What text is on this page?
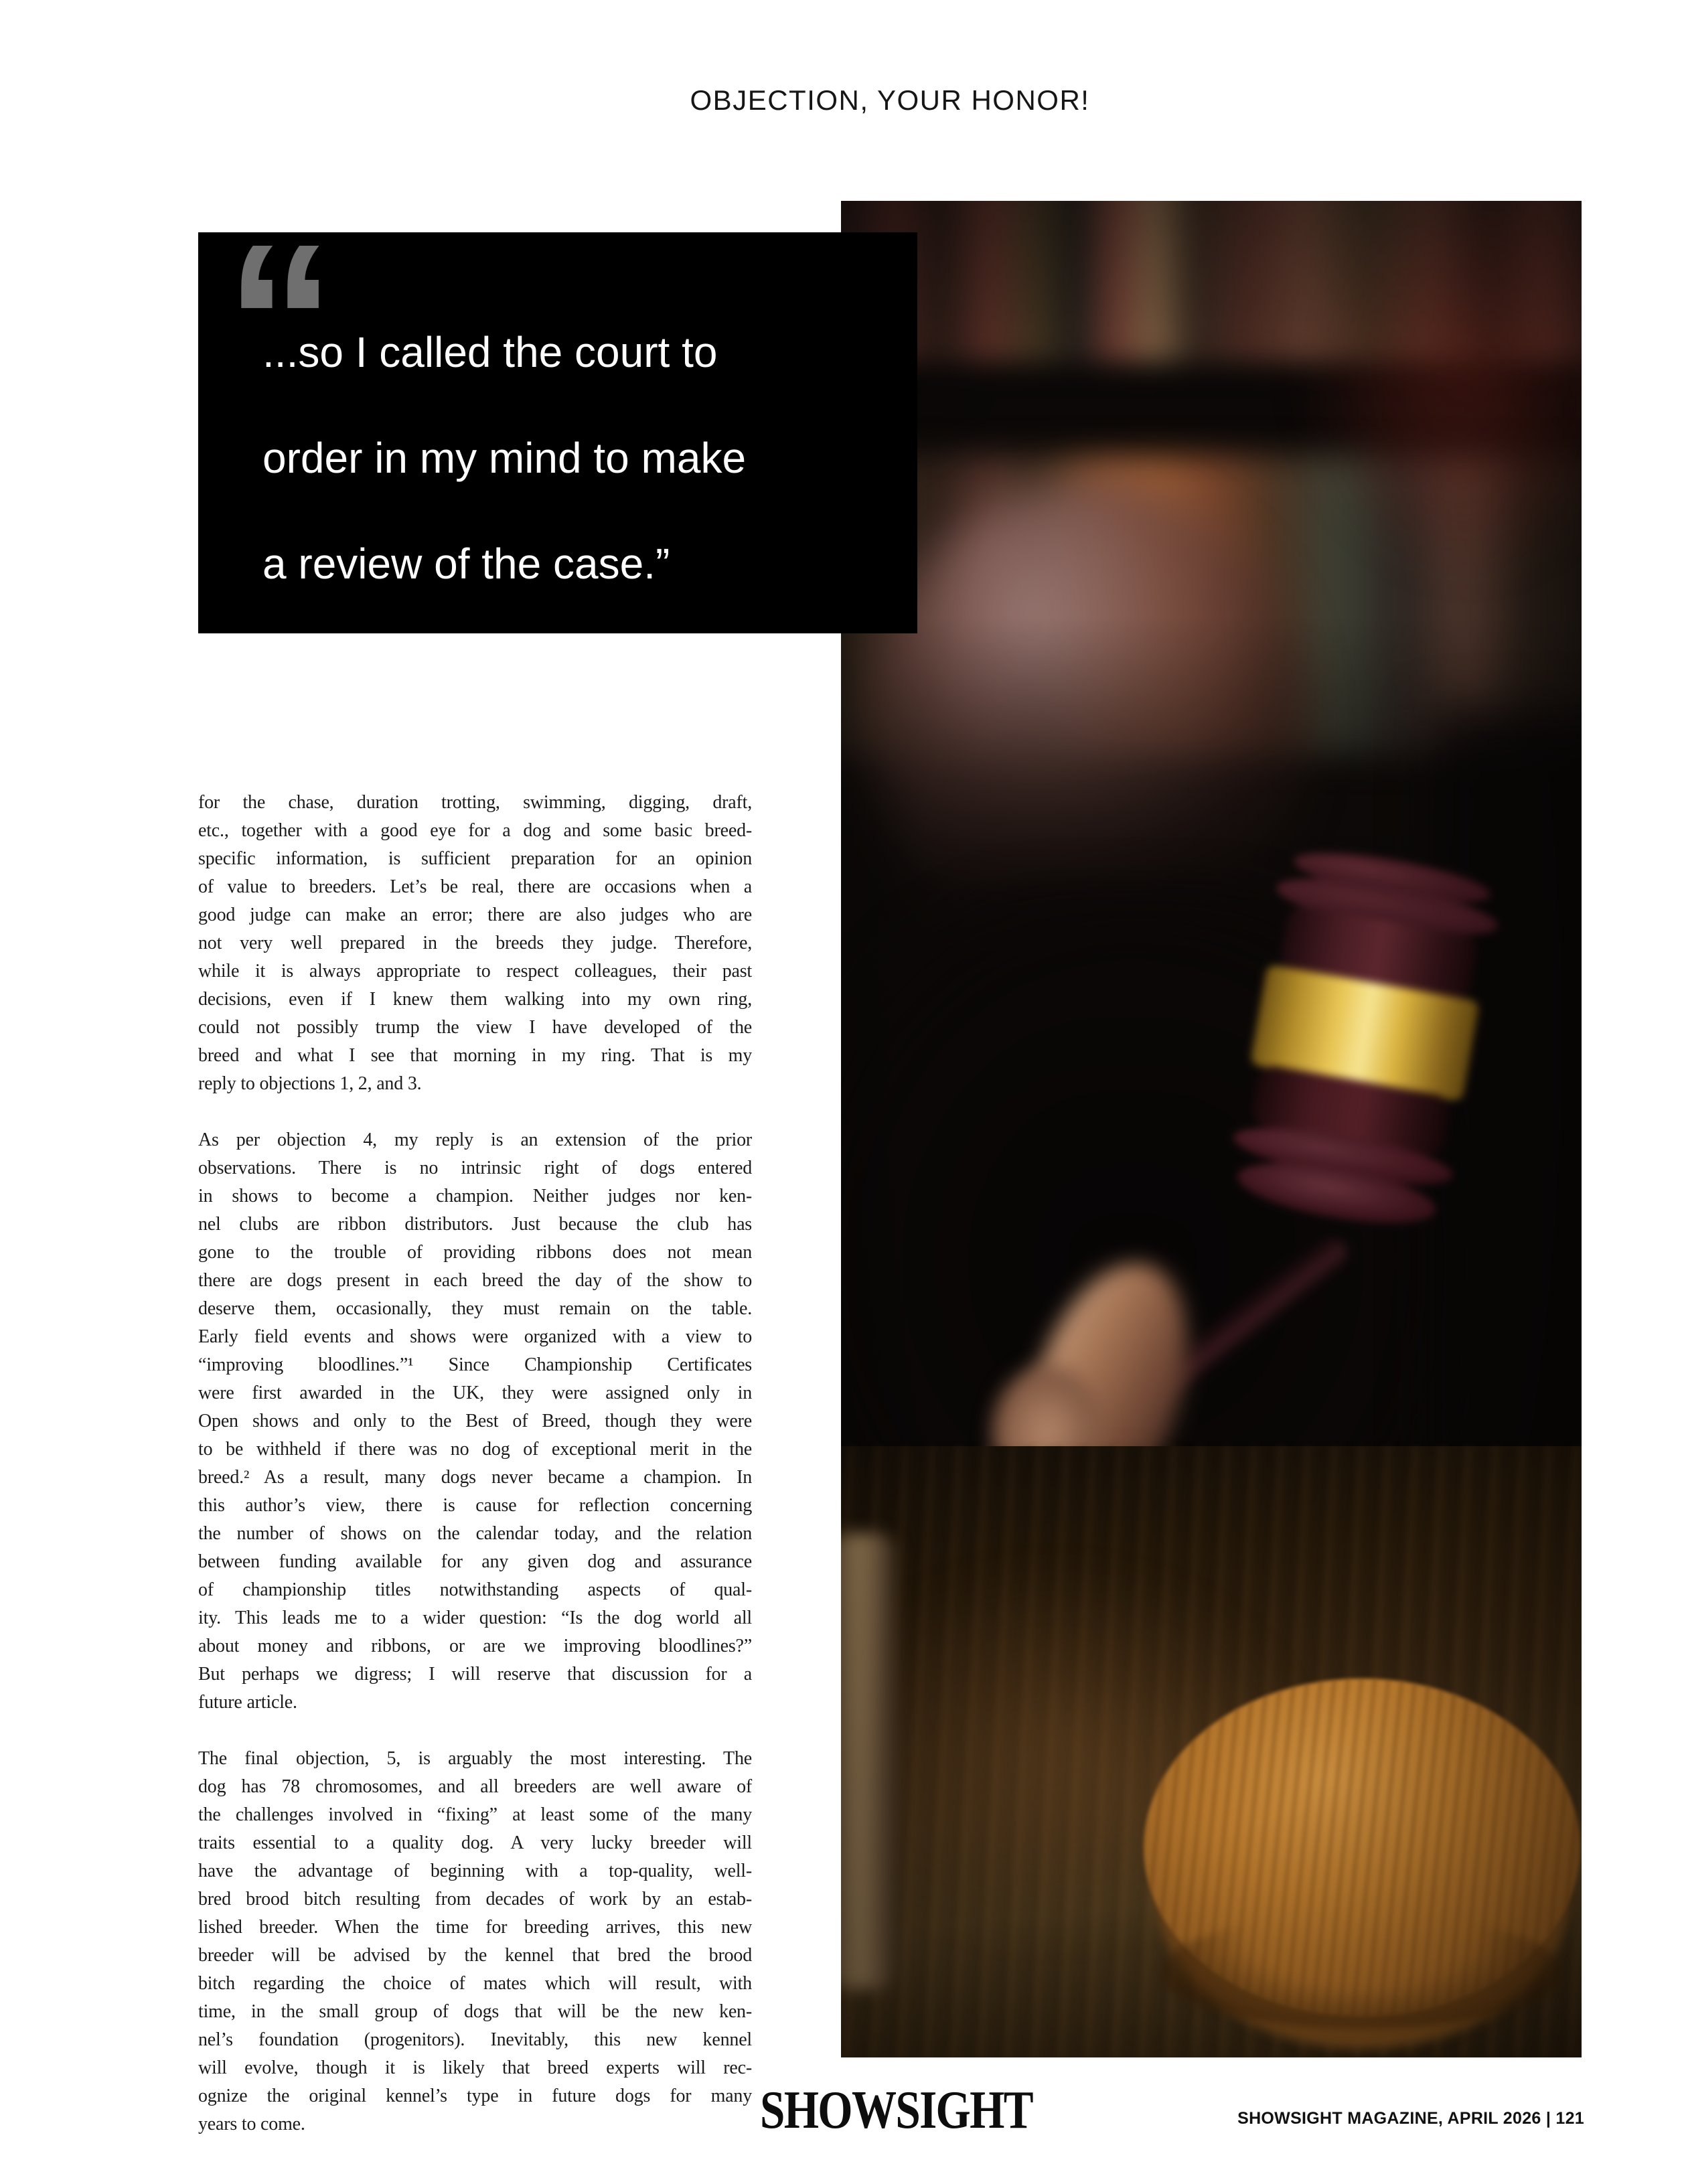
OBJECTION, YOUR HONOR!
“
...so I called the court to
order in my mind to make
a review of the case.”
for the chase, duration trotting, swimming, digging, draft,
etc., together with a good eye for a dog and some basic breed-
specific information, is sufficient preparation for an opinion
of value to breeders. Let’s be real, there are occasions when a
good judge can make an error; there are also judges who are
not very well prepared in the breeds they judge. Therefore,
while it is always appropriate to respect colleagues, their past
decisions, even if I knew them walking into my own ring,
could not possibly trump the view I have developed of the
breed and what I see that morning in my ring. That is my
reply to objections 1, 2, and 3.
As per objection 4, my reply is an extension of the prior
observations. There is no intrinsic right of dogs entered
in shows to become a champion. Neither judges nor ken-
nel clubs are ribbon distributors. Just because the club has
gone to the trouble of providing ribbons does not mean
there are dogs present in each breed the day of the show to
deserve them, occasionally, they must remain on the table.
Early field events and shows were organized with a view to
“improving bloodlines.”¹ Since Championship Certificates
were first awarded in the UK, they were assigned only in
Open shows and only to the Best of Breed, though they were
to be withheld if there was no dog of exceptional merit in the
breed.² As a result, many dogs never became a champion. In
this author’s view, there is cause for reflection concerning
the number of shows on the calendar today, and the relation
between funding available for any given dog and assurance
of championship titles notwithstanding aspects of qual-
ity. This leads me to a wider question: “Is the dog world all
about money and ribbons, or are we improving bloodlines?”
But perhaps we digress; I will reserve that discussion for a
future article.
The final objection, 5, is arguably the most interesting. The
dog has 78 chromosomes, and all breeders are well aware of
the challenges involved in “fixing” at least some of the many
traits essential to a quality dog. A very lucky breeder will
have the advantage of beginning with a top-quality, well-
bred brood bitch resulting from decades of work by an estab-
lished breeder. When the time for breeding arrives, this new
breeder will be advised by the kennel that bred the brood
bitch regarding the choice of mates which will result, with
time, in the small group of dogs that will be the new ken-
nel’s foundation (progenitors). Inevitably, this new kennel
will evolve, though it is likely that breed experts will rec-
ognize the original kennel’s type in future dogs for many
years to come.	SHOWSIGHT	SHOWSIGHT MAGAZINE, APRIL 2026 | 121
